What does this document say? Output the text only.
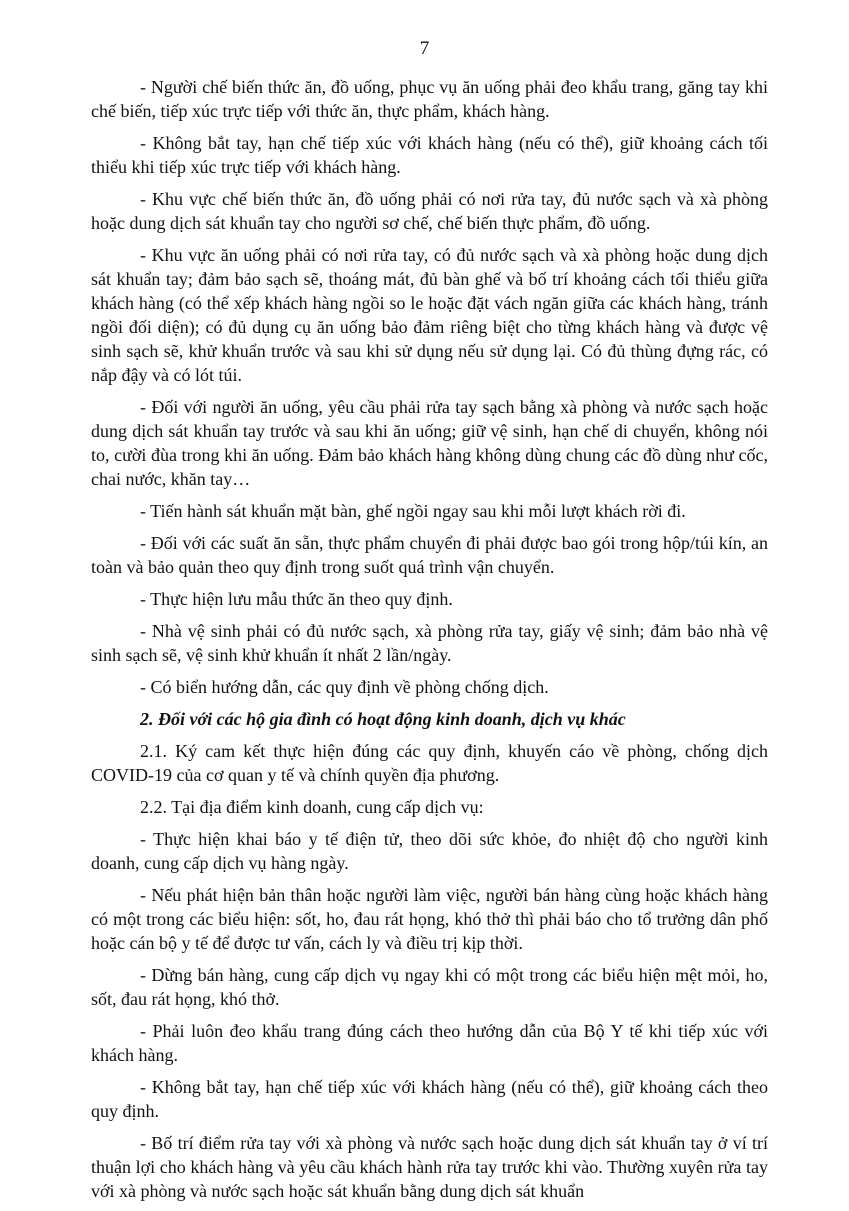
7

- Người chế biến thức ăn, đồ uống, phục vụ ăn uống phải đeo khẩu trang, găng tay khi chế biến, tiếp xúc trực tiếp với thức ăn, thực phẩm, khách hàng.

- Không bắt tay, hạn chế tiếp xúc với khách hàng (nếu có thể), giữ khoảng cách tối thiểu khi tiếp xúc trực tiếp với khách hàng.

- Khu vực chế biến thức ăn, đồ uống phải có nơi rửa tay, đủ nước sạch và xà phòng hoặc dung dịch sát khuẩn tay cho người sơ chế, chế biến thực phẩm, đồ uống.

- Khu vực ăn uống phải có nơi rửa tay, có đủ nước sạch và xà phòng hoặc dung dịch sát khuẩn tay; đảm bảo sạch sẽ, thoáng mát, đủ bàn ghế và bố trí khoảng cách tối thiểu giữa khách hàng (có thể xếp khách hàng ngồi so le hoặc đặt vách ngăn giữa các khách hàng, tránh ngồi đối diện); có đủ dụng cụ ăn uống bảo đảm riêng biệt cho từng khách hàng và được vệ sinh sạch sẽ, khử khuẩn trước và sau khi sử dụng nếu sử dụng lại. Có đủ thùng đựng rác, có nắp đậy và có lót túi.

- Đối với người ăn uống, yêu cầu phải rửa tay sạch bằng xà phòng và nước sạch hoặc dung dịch sát khuẩn tay trước và sau khi ăn uống; giữ vệ sinh, hạn chế di chuyển, không nói to, cười đùa trong khi ăn uống. Đảm bảo khách hàng không dùng chung các đồ dùng như cốc, chai nước, khăn tay…

- Tiến hành sát khuẩn mặt bàn, ghế ngồi ngay sau khi mỗi lượt khách rời đi.

- Đối với các suất ăn sẵn, thực phẩm chuyển đi phải được bao gói trong hộp/túi kín, an toàn và bảo quản theo quy định trong suốt quá trình vận chuyển.

- Thực hiện lưu mẫu thức ăn theo quy định.

- Nhà vệ sinh phải có đủ nước sạch, xà phòng rửa tay, giấy vệ sinh; đảm bảo nhà vệ sinh sạch sẽ, vệ sinh khử khuẩn ít nhất 2 lần/ngày.

- Có biển hướng dẫn, các quy định về phòng chống dịch.

2. Đối với các hộ gia đình có hoạt động kinh doanh, dịch vụ khác

2.1. Ký cam kết thực hiện đúng các quy định, khuyến cáo về phòng, chống dịch COVID-19 của cơ quan y tế và chính quyền địa phương.

2.2. Tại địa điểm kinh doanh, cung cấp dịch vụ:

- Thực hiện khai báo y tế điện tử, theo dõi sức khỏe, đo nhiệt độ cho người kinh doanh, cung cấp dịch vụ hàng ngày.

- Nếu phát hiện bản thân hoặc người làm việc, người bán hàng cùng hoặc khách hàng có một trong các biểu hiện: sốt, ho, đau rát họng, khó thở thì phải báo cho tổ trưởng dân phố hoặc cán bộ y tế để được tư vấn, cách ly và điều trị kịp thời.

- Dừng bán hàng, cung cấp dịch vụ ngay khi có một trong các biểu hiện mệt mỏi, ho, sốt, đau rát họng, khó thở.

- Phải luôn đeo khẩu trang đúng cách theo hướng dẫn của Bộ Y tế khi tiếp xúc với khách hàng.

- Không bắt tay, hạn chế tiếp xúc với khách hàng (nếu có thể), giữ khoảng cách theo quy định.

- Bố trí điểm rửa tay với xà phòng và nước sạch hoặc dung dịch sát khuẩn tay ở ví trí thuận lợi cho khách hàng và yêu cầu khách hành rửa tay trước khi vào. Thường xuyên rửa tay với xà phòng và nước sạch hoặc sát khuẩn bằng dung dịch sát khuẩn
